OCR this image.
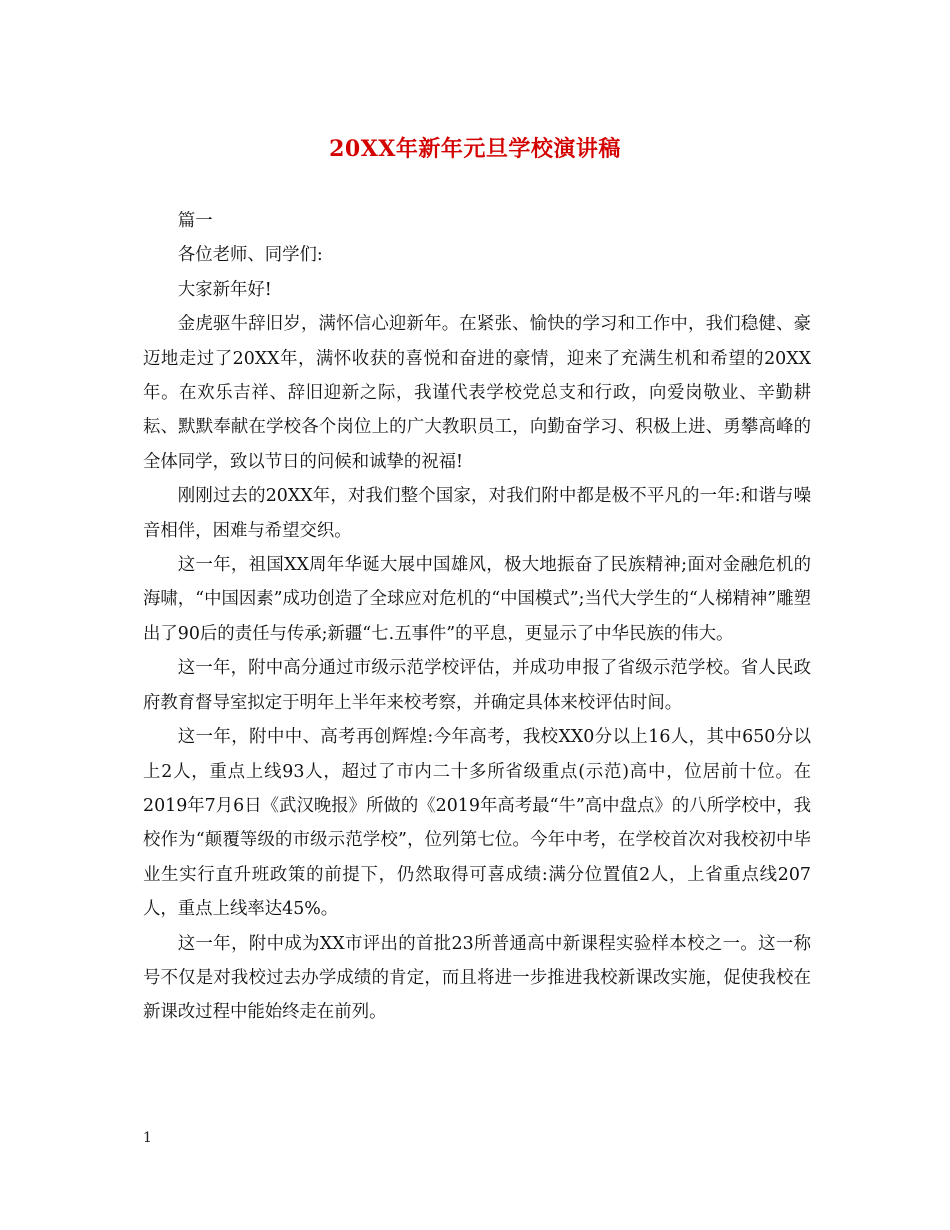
20XX年新年元旦学校演讲稿

篇一

各位老师、同学们:

大家新年好!

金虎驱牛辞旧岁，满怀信心迎新年。在紧张、愉快的学习和工作中，我们稳健、豪迈地走过了20XX年，满怀收获的喜悦和奋进的豪情，迎来了充满生机和希望的20XX年。在欢乐吉祥、辞旧迎新之际，我谨代表学校党总支和行政，向爱岗敬业、辛勤耕耘、默默奉献在学校各个岗位上的广大教职员工，向勤奋学习、积极上进、勇攀高峰的全体同学，致以节日的问候和诚挚的祝福!

刚刚过去的20XX年，对我们整个国家，对我们附中都是极不平凡的一年:和谐与噪音相伴，困难与希望交织。

这一年，祖国XX周年华诞大展中国雄风，极大地振奋了民族精神;面对金融危机的海啸，“中国因素”成功创造了全球应对危机的“中国模式”;当代大学生的“人梯精神”雕塑出了90后的责任与传承;新疆“七.五事件”的平息，更显示了中华民族的伟大。

这一年，附中高分通过市级示范学校评估，并成功申报了省级示范学校。省人民政府教育督导室拟定于明年上半年来校考察，并确定具体来校评估时间。

这一年，附中中、高考再创辉煌:今年高考，我校XX0分以上16人，其中650分以上2人，重点上线93人，超过了市内二十多所省级重点(示范)高中，位居前十位。在2019年7月6日《武汉晚报》所做的《2019年高考最“牛”高中盘点》的八所学校中，我校作为“颠覆等级的市级示范学校”，位列第七位。今年中考，在学校首次对我校初中毕业生实行直升班政策的前提下，仍然取得可喜成绩:满分位置值2人，上省重点线207人，重点上线率达45%。

这一年，附中成为XX市评出的首批23所普通高中新课程实验样本校之一。这一称号不仅是对我校过去办学成绩的肯定，而且将进一步推进我校新课改实施，促使我校在新课改过程中能始终走在前列。

1
